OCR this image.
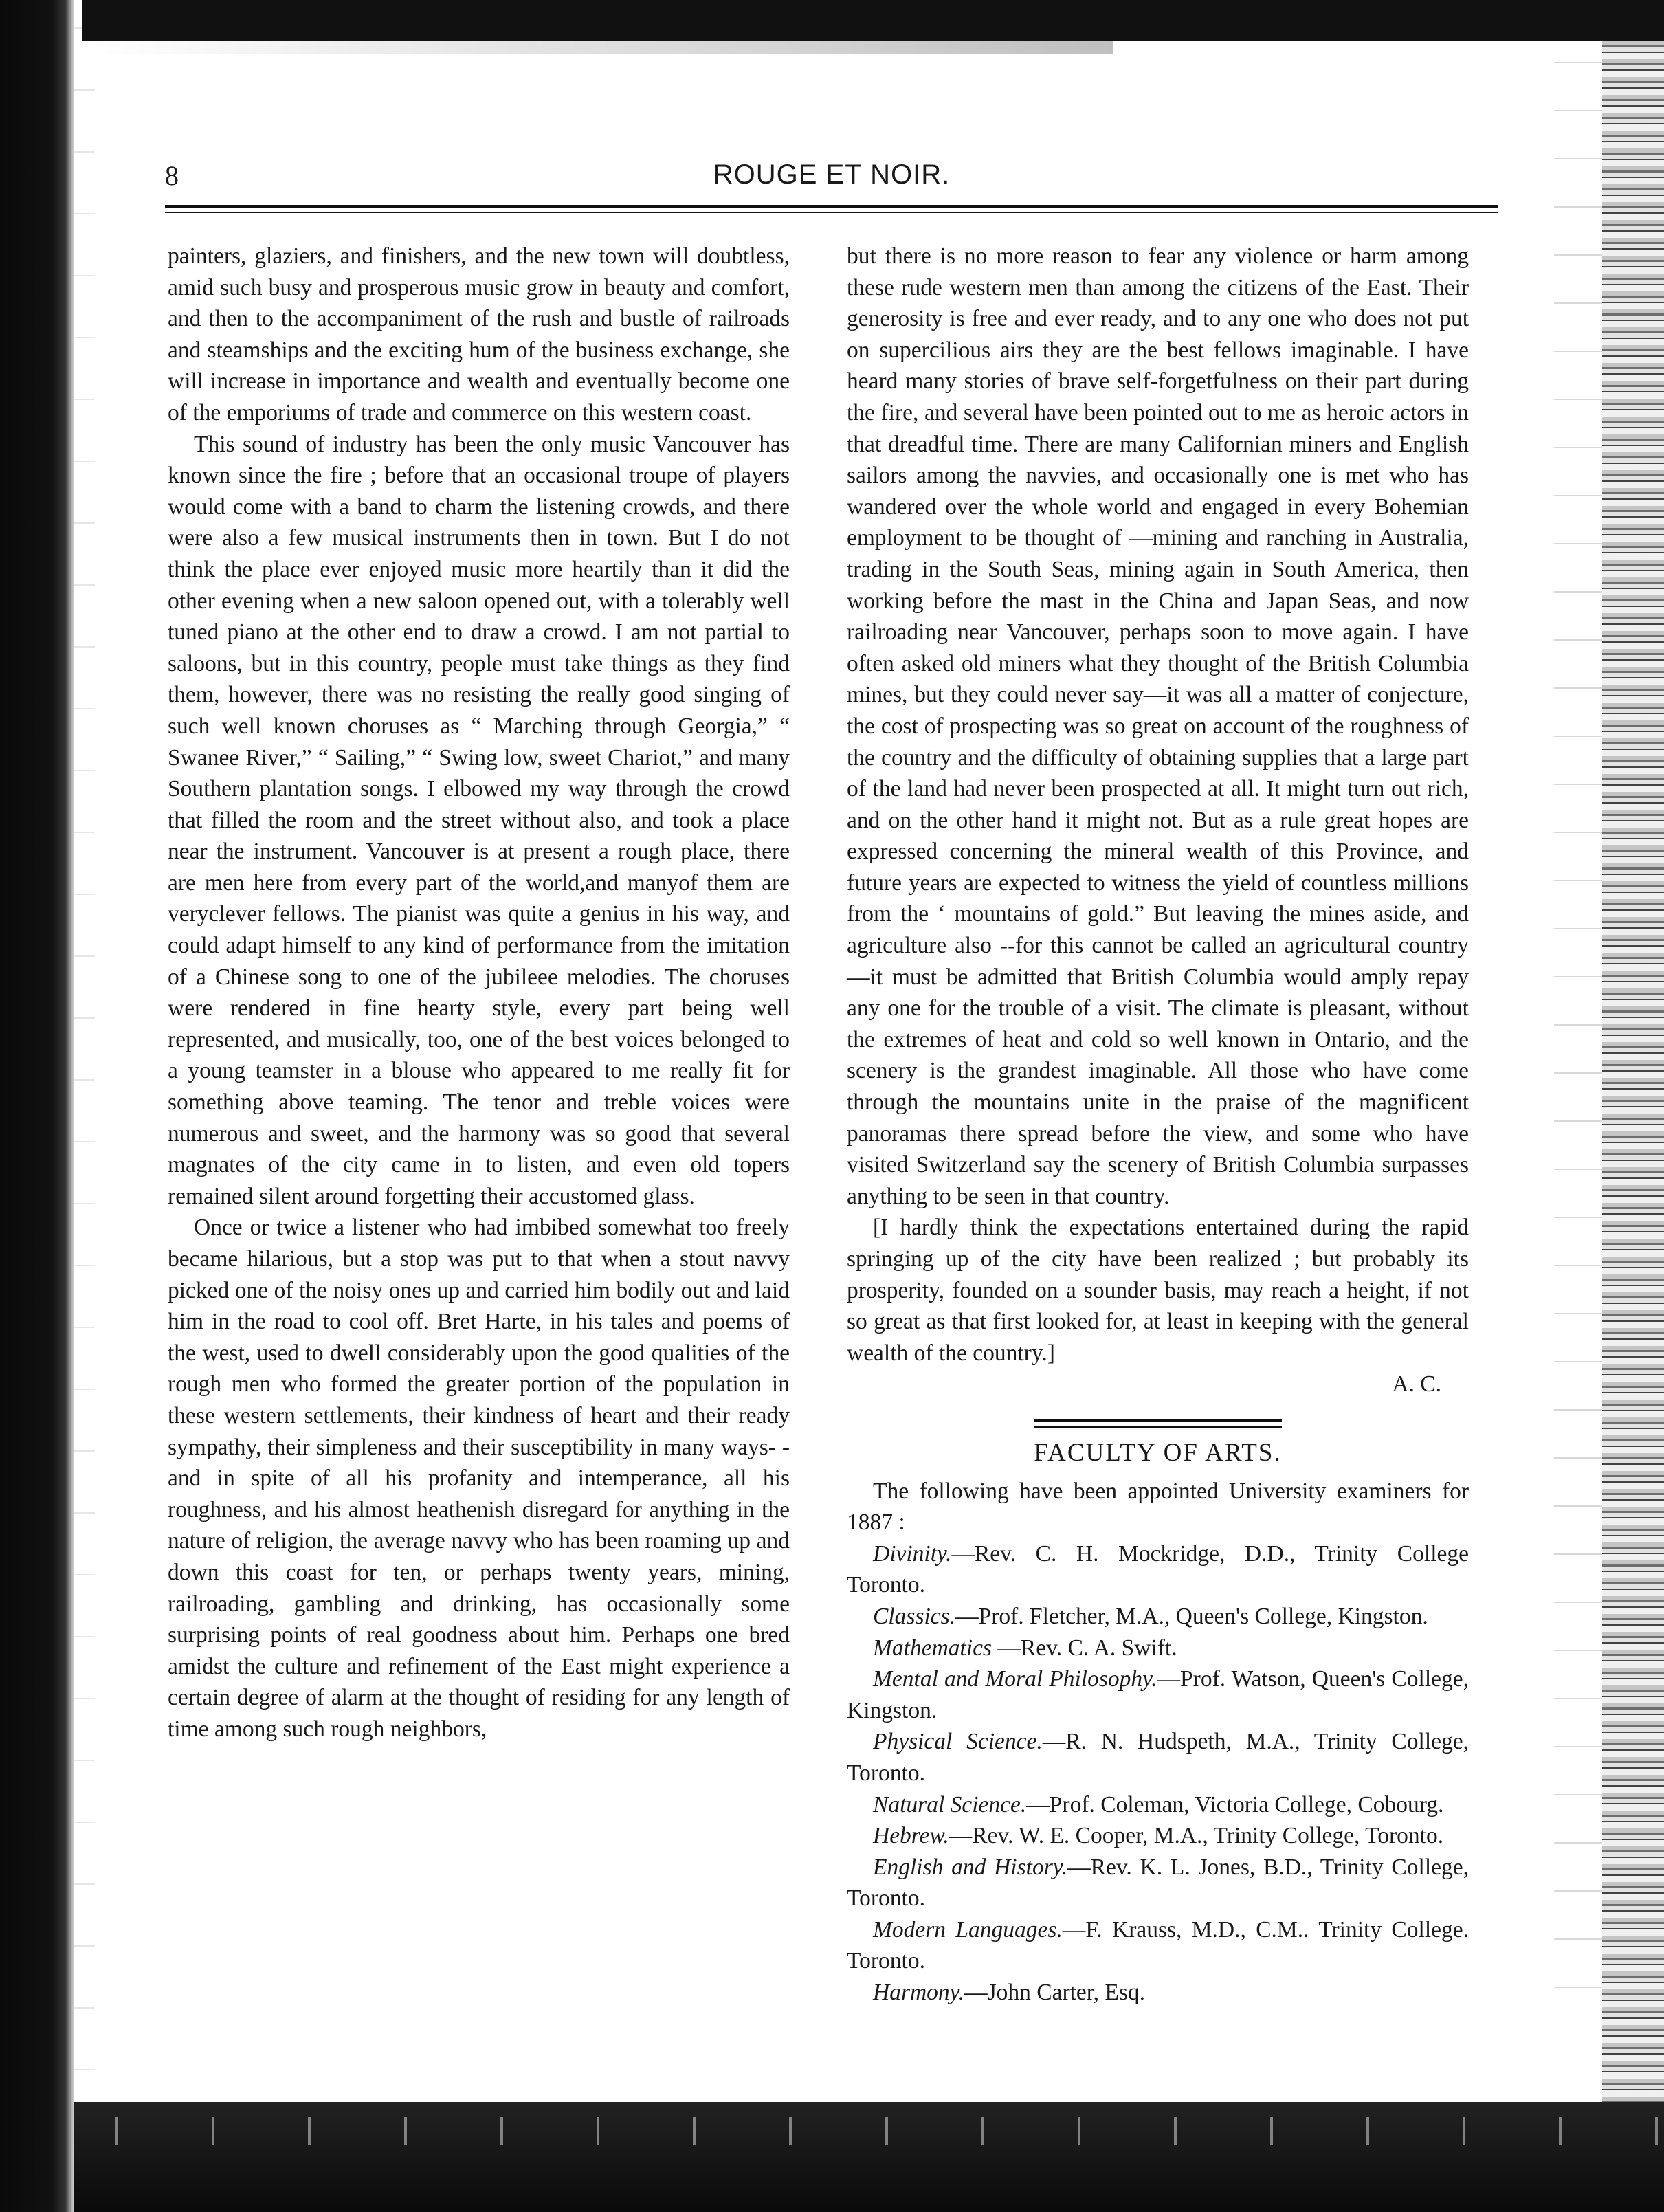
8	ROUGE ET NOIR.

painters, glaziers, and finishers, and the new town will doubtless, amid such busy and prosperous music grow in beauty and comfort, and then to the accompaniment of the rush and bustle of railroads and steamships and the exciting hum of the business exchange, she will increase in importance and wealth and eventually become one of the emporiums of trade and commerce on this western coast.

This sound of industry has been the only music Vancouver has known since the fire ; before that an occasional troupe of players would come with a band to charm the listening crowds, and there were also a few musical instruments then in town. But I do not think the place ever enjoyed music more heartily than it did the other evening when a new saloon opened out, with a tolerably well tuned piano at the other end to draw a crowd. I am not partial to saloons, but in this country, people must take things as they find them, however, there was no resisting the really good singing of such well known choruses as “ Marching through Georgia,” “ Swanee River,” “ Sailing,” “ Swing low, sweet Chariot,” and many Southern plantation songs. I elbowed my way through the crowd that filled the room and the street without also, and took a place near the instrument. Vancouver is at present a rough place, there are men here from every part of the world,and manyof them are veryclever fellows. The pianist was quite a genius in his way, and could adapt himself to any kind of performance from the imitation of a Chinese song to one of the jubileee melodies. The choruses were rendered in fine hearty style, every part being well represented, and musically, too, one of the best voices belonged to a young teamster in a blouse who appeared to me really fit for something above teaming. The tenor and treble voices were numerous and sweet, and the harmony was so good that several magnates of the city came in to listen, and even old topers remained silent around forgetting their accustomed glass.

Once or twice a listener who had imbibed somewhat too freely became hilarious, but a stop was put to that when a stout navvy picked one of the noisy ones up and carried him bodily out and laid him in the road to cool off. Bret Harte, in his tales and poems of the west, used to dwell considerably upon the good qualities of the rough men who formed the greater portion of the population in these western settlements, their kindness of heart and their ready sympathy, their simpleness and their susceptibility in many ways- -and in spite of all his profanity and intemperance, all his roughness, and his almost heathenish disregard for anything in the nature of religion, the average navvy who has been roaming up and down this coast for ten, or perhaps twenty years, mining, railroading, gambling and drinking, has occasionally some surprising points of real goodness about him. Perhaps one bred amidst the culture and refinement of the East might experience a certain degree of alarm at the thought of residing for any length of time among such rough neighbors,

but there is no more reason to fear any violence or harm among these rude western men than among the citizens of the East. Their generosity is free and ever ready, and to any one who does not put on supercilious airs they are the best fellows imaginable. I have heard many stories of brave self-forgetfulness on their part during the fire, and several have been pointed out to me as heroic actors in that dreadful time. There are many Californian miners and English sailors among the navvies, and occasionally one is met who has wandered over the whole world and engaged in every Bohemian employment to be thought of —mining and ranching in Australia, trading in the South Seas, mining again in South America, then working before the mast in the China and Japan Seas, and now railroading near Vancouver, perhaps soon to move again. I have often asked old miners what they thought of the British Columbia mines, but they could never say—it was all a matter of conjecture, the cost of prospecting was so great on account of the roughness of the country and the difficulty of obtaining supplies that a large part of the land had never been prospected at all. It might turn out rich, and on the other hand it might not. But as a rule great hopes are expressed concerning the mineral wealth of this Province, and future years are expected to witness the yield of countless millions from the ‘ mountains of gold.” But leaving the mines aside, and agriculture also --for this cannot be called an agricultural country—it must be admitted that British Columbia would amply repay any one for the trouble of a visit. The climate is pleasant, without the extremes of heat and cold so well known in Ontario, and the scenery is the grandest imaginable. All those who have come through the mountains unite in the praise of the magnificent panoramas there spread before the view, and some who have visited Switzerland say the scenery of British Columbia surpasses anything to be seen in that country.

[I hardly think the expectations entertained during the rapid springing up of the city have been realized ; but probably its prosperity, founded on a sounder basis, may reach a height, if not so great as that first looked for, at least in keeping with the general wealth of the country.]

A. C.

FACULTY OF ARTS.

The following have been appointed University examiners for 1887 :

Divinity.—Rev. C. H. Mockridge, D.D., Trinity College Toronto.

Classics.—Prof. Fletcher, M.A., Queen's College, Kingston.

Mathematics —Rev. C. A. Swift.

Mental and Moral Philosophy.—Prof. Watson, Queen's College, Kingston.

Physical Science.—R. N. Hudspeth, M.A., Trinity College, Toronto.

Natural Science.—Prof. Coleman, Victoria College, Cobourg.

Hebrew.—Rev. W. E. Cooper, M.A., Trinity College, Toronto.

English and History.—Rev. K. L. Jones, B.D., Trinity College, Toronto.

Modern Languages.—F. Krauss, M.D., C.M.. Trinity College. Toronto.

Harmony.—John Carter, Esq.
